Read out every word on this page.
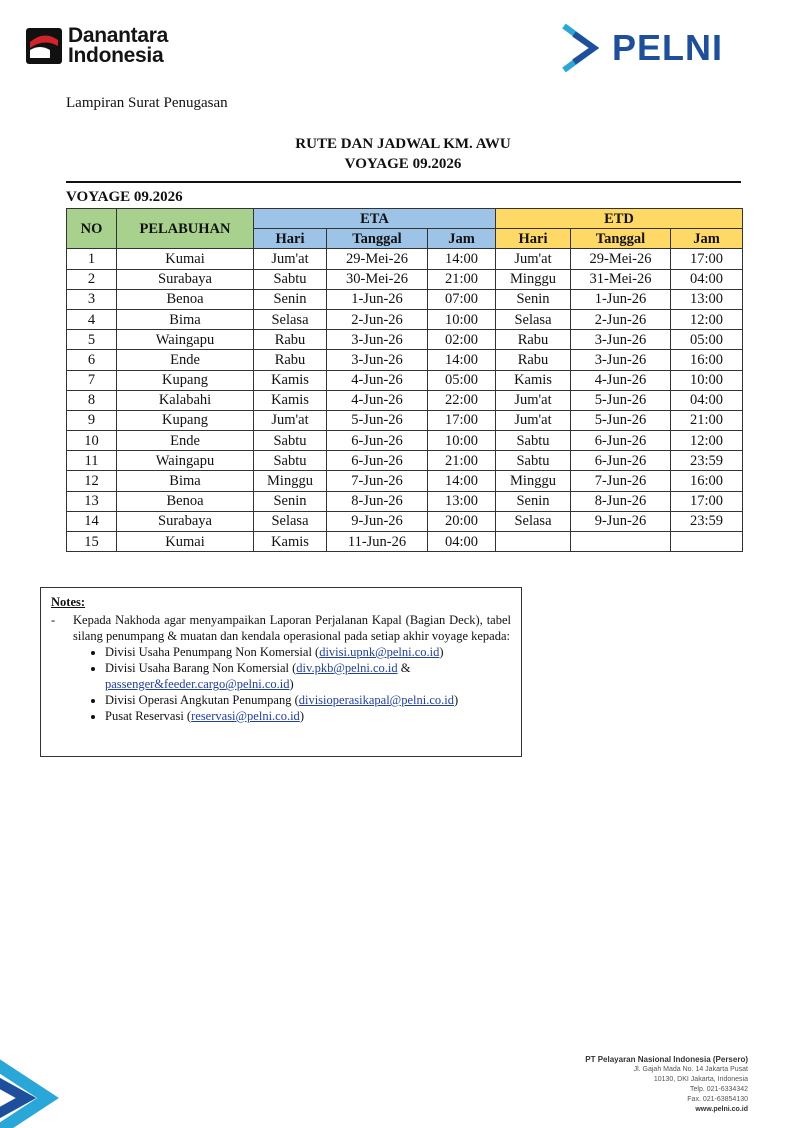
Danantara
Indonesia	PELNI
Lampiran Surat Penugasan
RUTE DAN JADWAL KM. AWU
VOYAGE 09.2026
VOYAGE 09.2026
NO	PELABUHAN	ETA			ETD		
		Hari	Tanggal	Jam	Hari	Tanggal	Jam
1	Kumai	Jum'at	29-Mei-26	14:00	Jum'at	29-Mei-26	17:00
2	Surabaya	Sabtu	30-Mei-26	21:00	Minggu	31-Mei-26	04:00
3	Benoa	Senin	1-Jun-26	07:00	Senin	1-Jun-26	13:00
4	Bima	Selasa	2-Jun-26	10:00	Selasa	2-Jun-26	12:00
5	Waingapu	Rabu	3-Jun-26	02:00	Rabu	3-Jun-26	05:00
6	Ende	Rabu	3-Jun-26	14:00	Rabu	3-Jun-26	16:00
7	Kupang	Kamis	4-Jun-26	05:00	Kamis	4-Jun-26	10:00
8	Kalabahi	Kamis	4-Jun-26	22:00	Jum'at	5-Jun-26	04:00
9	Kupang	Jum'at	5-Jun-26	17:00	Jum'at	5-Jun-26	21:00
10	Ende	Sabtu	6-Jun-26	10:00	Sabtu	6-Jun-26	12:00
11	Waingapu	Sabtu	6-Jun-26	21:00	Sabtu	6-Jun-26	23:59
12	Bima	Minggu	7-Jun-26	14:00	Minggu	7-Jun-26	16:00
13	Benoa	Senin	8-Jun-26	13:00	Senin	8-Jun-26	17:00
14	Surabaya	Selasa	9-Jun-26	20:00	Selasa	9-Jun-26	23:59
15	Kumai	Kamis	11-Jun-26	04:00			
Notes:
-	Kepada Nakhoda agar menyampaikan Laporan Perjalanan Kapal (Bagian Deck), tabel silang penumpang & muatan dan kendala operasional pada setiap akhir voyage kepada:
• Divisi Usaha Penumpang Non Komersial (divisi.upnk@pelni.co.id)
• Divisi Usaha Barang Non Komersial (div.pkb@pelni.co.id & passenger&feeder.cargo@pelni.co.id)
• Divisi Operasi Angkutan Penumpang (divisioperasikapal@pelni.co.id)
• Pusat Reservasi (reservasi@pelni.co.id)
PT Pelayaran Nasional Indonesia (Persero)
Jl. Gajah Mada No. 14 Jakarta Pusat
10130, DKI Jakarta, Indonesia
Telp. 021-6334342
Fax. 021-63854130
www.pelni.co.id
